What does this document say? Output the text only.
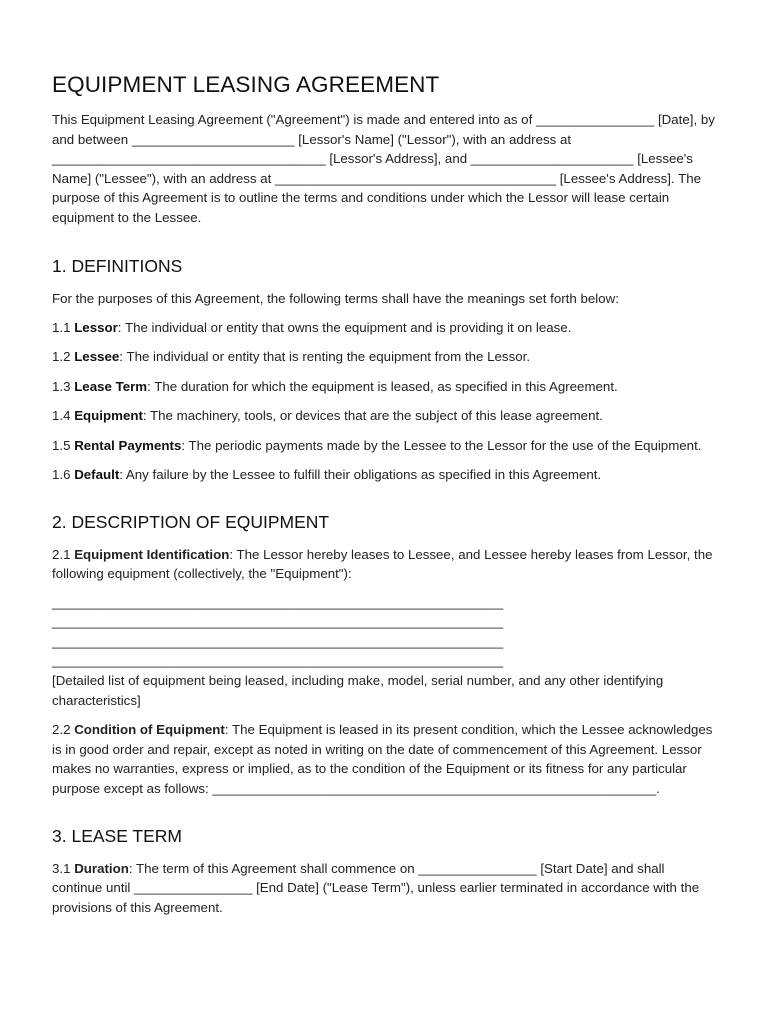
EQUIPMENT LEASING AGREEMENT

This Equipment Leasing Agreement ("Agreement") is made and entered into as of ________________ [Date], by and between ______________________ [Lessor's Name] ("Lessor"), with an address at _____________________________________ [Lessor's Address], and ______________________ [Lessee's Name] ("Lessee"), with an address at ______________________________________ [Lessee's Address]. The purpose of this Agreement is to outline the terms and conditions under which the Lessor will lease certain equipment to the Lessee.

1. DEFINITIONS

For the purposes of this Agreement, the following terms shall have the meanings set forth below:

1.1 Lessor: The individual or entity that owns the equipment and is providing it on lease.

1.2 Lessee: The individual or entity that is renting the equipment from the Lessor.

1.3 Lease Term: The duration for which the equipment is leased, as specified in this Agreement.

1.4 Equipment: The machinery, tools, or devices that are the subject of this lease agreement.

1.5 Rental Payments: The periodic payments made by the Lessee to the Lessor for the use of the Equipment.

1.6 Default: Any failure by the Lessee to fulfill their obligations as specified in this Agreement.

2. DESCRIPTION OF EQUIPMENT

2.1 Equipment Identification: The Lessor hereby leases to Lessee, and Lessee hereby leases from Lessor, the following equipment (collectively, the "Equipment"):

_____________________________________________________________
_____________________________________________________________
_____________________________________________________________
_____________________________________________________________

[Detailed list of equipment being leased, including make, model, serial number, and any other identifying characteristics]

2.2 Condition of Equipment: The Equipment is leased in its present condition, which the Lessee acknowledges is in good order and repair, except as noted in writing on the date of commencement of this Agreement. Lessor makes no warranties, express or implied, as to the condition of the Equipment or its fitness for any particular purpose except as follows: ____________________________________________________________.

3. LEASE TERM

3.1 Duration: The term of this Agreement shall commence on ________________ [Start Date] and shall continue until ________________ [End Date] ("Lease Term"), unless earlier terminated in accordance with the provisions of this Agreement.
